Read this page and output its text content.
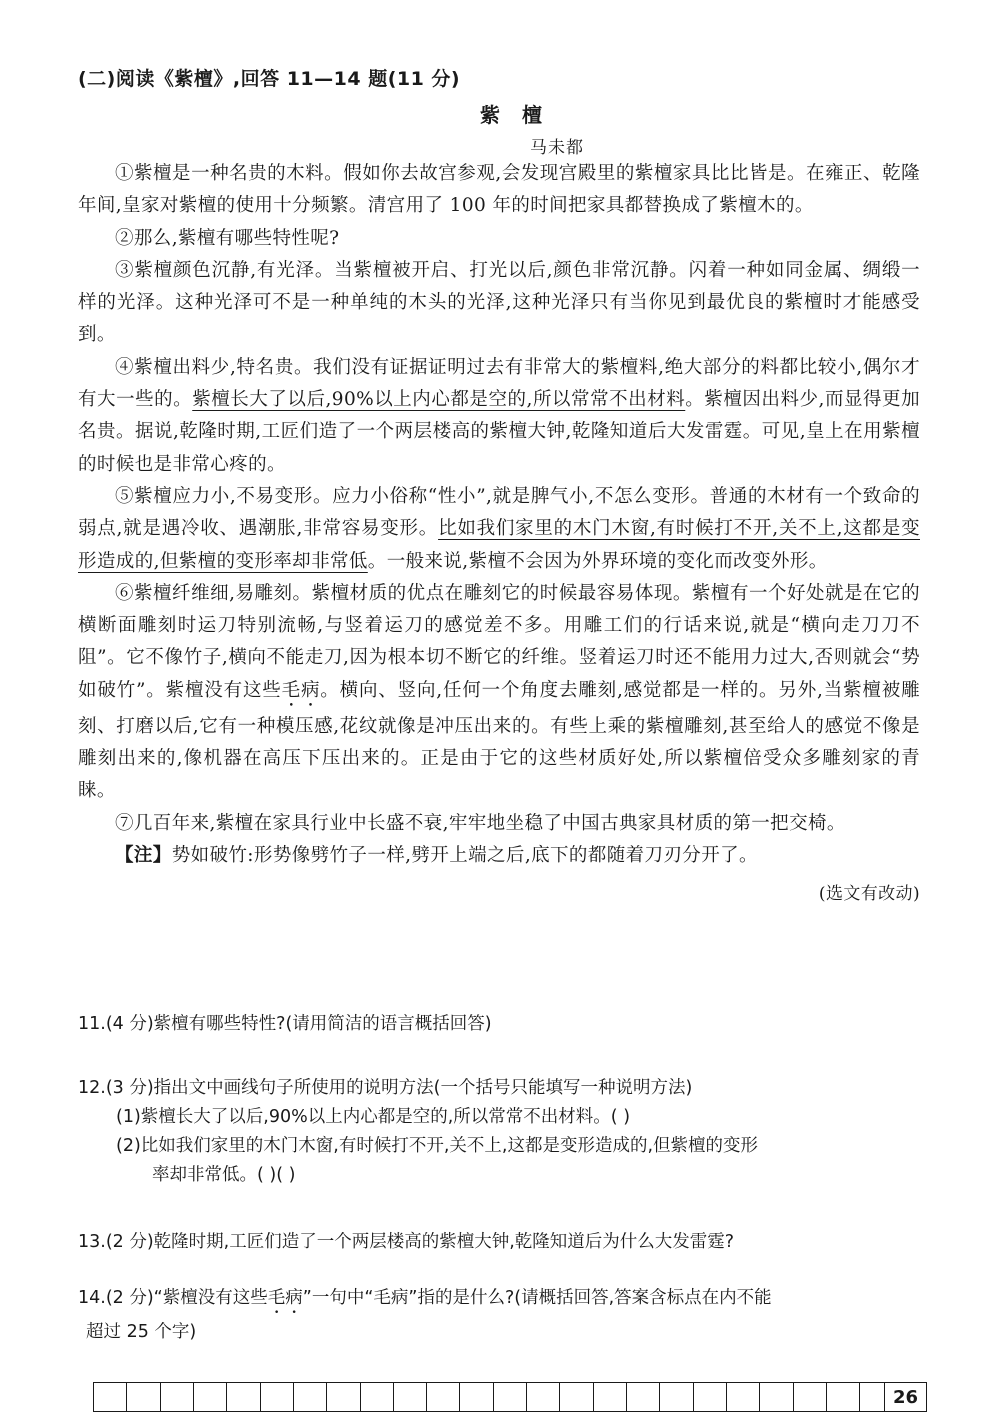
(二)阅读《紫檀》,回答 11—14 题(11 分)
紫檀
马未都

①紫檀是一种名贵的木料。假如你去故宫参观,会发现宫殿里的紫檀家具比比皆是。在雍正、乾隆年间,皇家对紫檀的使用十分频繁。清宫用了 100 年的时间把家具都替换成了紫檀木的。

②那么,紫檀有哪些特性呢?

③紫檀颜色沉静,有光泽。当紫檀被开启、打光以后,颜色非常沉静。闪着一种如同金属、绸缎一样的光泽。这种光泽可不是一种单纯的木头的光泽,这种光泽只有当你见到最优良的紫檀时才能感受到。

④紫檀出料少,特名贵。我们没有证据证明过去有非常大的紫檀料,绝大部分的料都比较小,偶尔才有大一些的。紫檀长大了以后,90%以上内心都是空的,所以常常不出材料。紫檀因出料少,而显得更加名贵。据说,乾隆时期,工匠们造了一个两层楼高的紫檀大钟,乾隆知道后大发雷霆。可见,皇上在用紫檀的时候也是非常心疼的。

⑤紫檀应力小,不易变形。应力小俗称“性小”,就是脾气小,不怎么变形。普通的木材有一个致命的弱点,就是遇冷收、遇潮胀,非常容易变形。比如我们家里的木门木窗,有时候打不开,关不上,这都是变形造成的,但紫檀的变形率却非常低。一般来说,紫檀不会因为外界环境的变化而改变外形。

⑥紫檀纤维细,易雕刻。紫檀材质的优点在雕刻它的时候最容易体现。紫檀有一个好处就是在它的横断面雕刻时运刀特别流畅,与竖着运刀的感觉差不多。用雕工们的行话来说,就是“横向走刀刀不阻”。它不像竹子,横向不能走刀,因为根本切不断它的纤维。竖着运刀时还不能用力过大,否则就会“势如破竹”。紫檀没有这些毛病。横向、竖向,任何一个角度去雕刻,感觉都是一样的。另外,当紫檀被雕刻、打磨以后,它有一种模压感,花纹就像是冲压出来的。有些上乘的紫檀雕刻,甚至给人的感觉不像是雕刻出来的,像机器在高压下压出来的。正是由于它的这些材质好处,所以紫檀倍受众多雕刻家的青睐。

⑦几百年来,紫檀在家具行业中长盛不衰,牢牢地坐稳了中国古典家具材质的第一把交椅。

【注】势如破竹:形势像劈竹子一样,劈开上端之后,底下的都随着刀刃分开了。
(选文有改动)
11.(4 分)紫檀有哪些特性?(请用简洁的语言概括回答)
12.(3 分)指出文中画线句子所使用的说明方法(一个括号只能填写一种说明方法)
(1)紫檀长大了以后,90%以上内心都是空的,所以常常不出材料。( )
(2)比如我们家里的木门木窗,有时候打不开,关不上,这都是变形造成的,但紫檀的变形
率却非常低。( )( )
13.(2 分)乾隆时期,工匠们造了一个两层楼高的紫檀大钟,乾隆知道后为什么大发雷霆?
14.(2 分)“紫檀没有这些毛病”一句中“毛病”指的是什么?(请概括回答,答案含标点在内不能
超过 25 个字)
26
